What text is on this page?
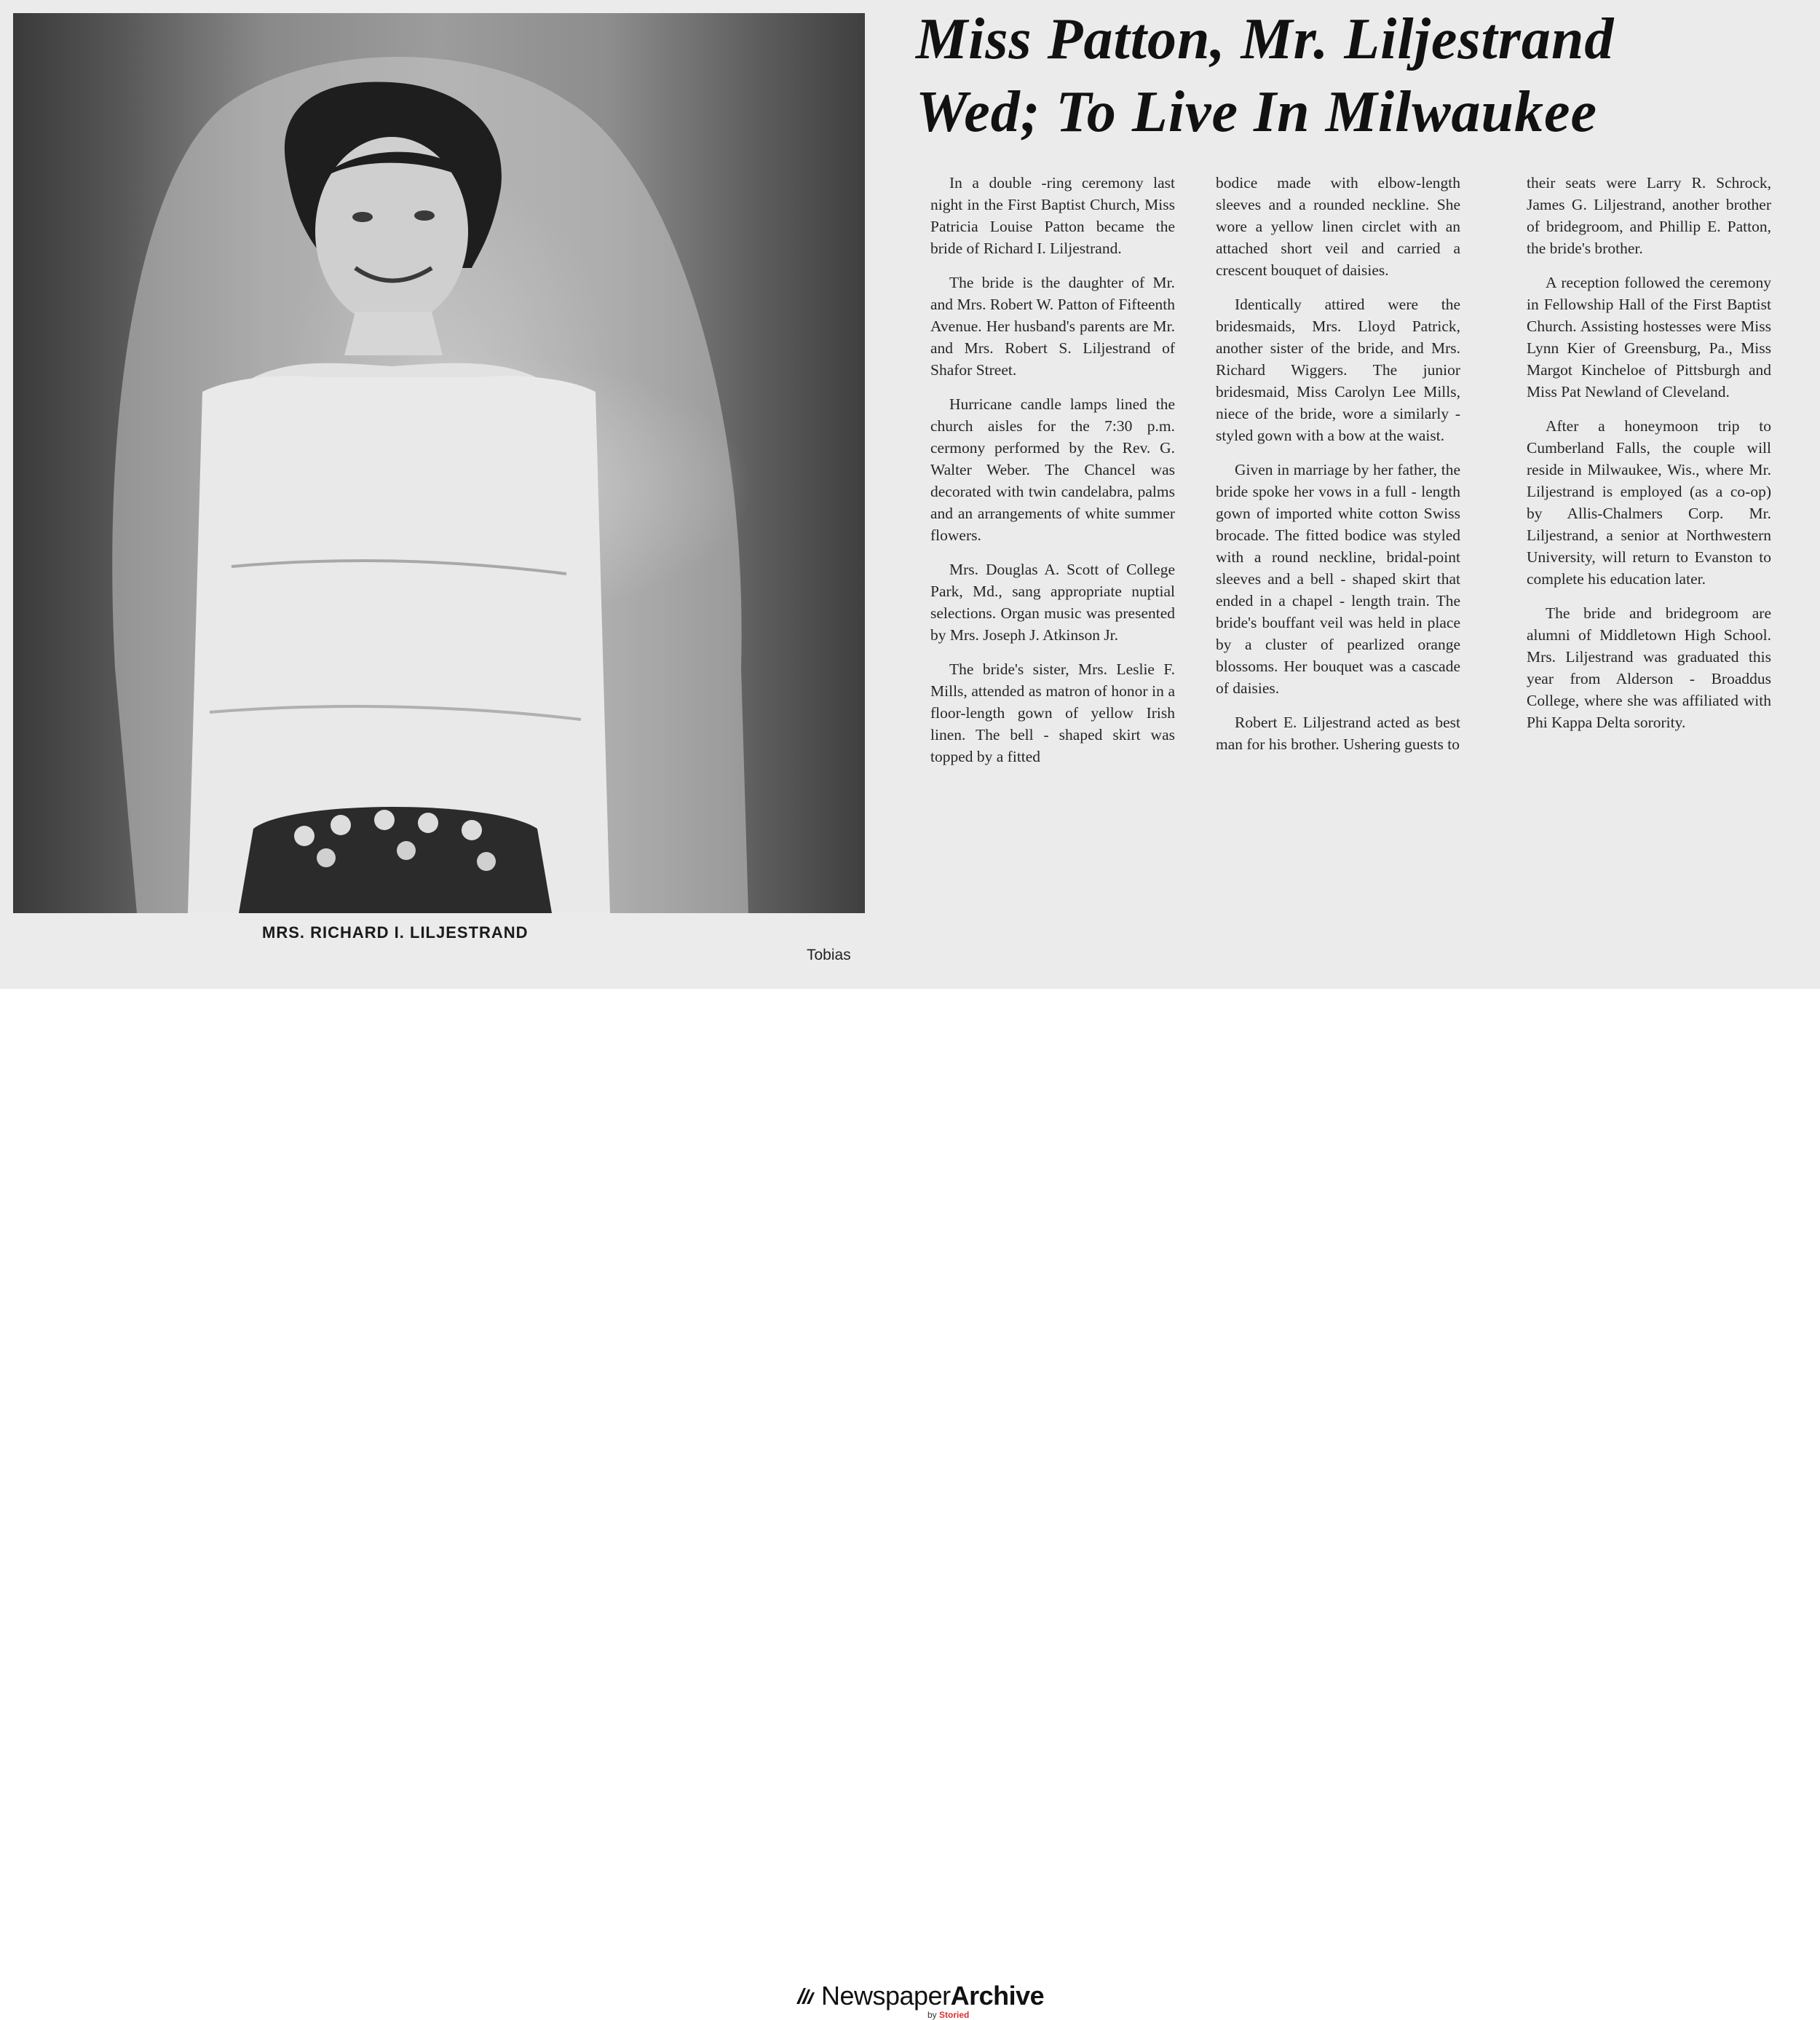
MRS. RICHARD I. LILJESTRAND
Tobias
Miss Patton, Mr. Liljestrand
Wed; To Live In Milwaukee

In a double -ring ceremony last night in the First Baptist Church, Miss Patricia Louise Patton became the bride of Richard I. Liljestrand.

The bride is the daughter of Mr. and Mrs. Robert W. Patton of Fifteenth Avenue. Her husband's parents are Mr. and Mrs. Robert S. Liljestrand of Shafor Street.

Hurricane candle lamps lined the church aisles for the 7:30 p.m. cermony performed by the Rev. G. Walter Weber. The Chancel was decorated with twin candelabra, palms and an arrangements of white summer flowers.

Mrs. Douglas A. Scott of College Park, Md., sang appropriate nuptial selections. Organ music was presented by Mrs. Joseph J. Atkinson Jr.

The bride's sister, Mrs. Leslie F. Mills, attended as matron of honor in a floor-length gown of yellow Irish linen. The bell - shaped skirt was topped by a fitted

bodice made with elbow-length sleeves and a rounded neckline. She wore a yellow linen circlet with an attached short veil and carried a crescent bouquet of daisies.

Identically attired were the bridesmaids, Mrs. Lloyd Patrick, another sister of the bride, and Mrs. Richard Wiggers. The junior bridesmaid, Miss Carolyn Lee Mills, niece of the bride, wore a similarly - styled gown with a bow at the waist.

Given in marriage by her father, the bride spoke her vows in a full - length gown of imported white cotton Swiss brocade. The fitted bodice was styled with a round neckline, bridal-point sleeves and a bell - shaped skirt that ended in a chapel - length train. The bride's bouffant veil was held in place by a cluster of pearlized orange blossoms. Her bouquet was a cascade of daisies.

Robert E. Liljestrand acted as best man for his brother. Ushering guests to

their seats were Larry R. Schrock, James G. Liljestrand, another brother of bridegroom, and Phillip E. Patton, the bride's brother.

A reception followed the ceremony in Fellowship Hall of the First Baptist Church. Assisting hostesses were Miss Lynn Kier of Greensburg, Pa., Miss Margot Kincheloe of Pittsburgh and Miss Pat Newland of Cleveland.

After a honeymoon trip to Cumberland Falls, the couple will reside in Milwaukee, Wis., where Mr. Liljestrand is employed (as a co-op) by Allis-Chalmers Corp. Mr. Liljestrand, a senior at Northwestern University, will return to Evanston to complete his education later.

The bride and bridegroom are alumni of Middletown High School. Mrs. Liljestrand was graduated this year from Alderson - Broaddus College, where she was affiliated with Phi Kappa Delta sorority.

NewspaperArchive
by Storied
